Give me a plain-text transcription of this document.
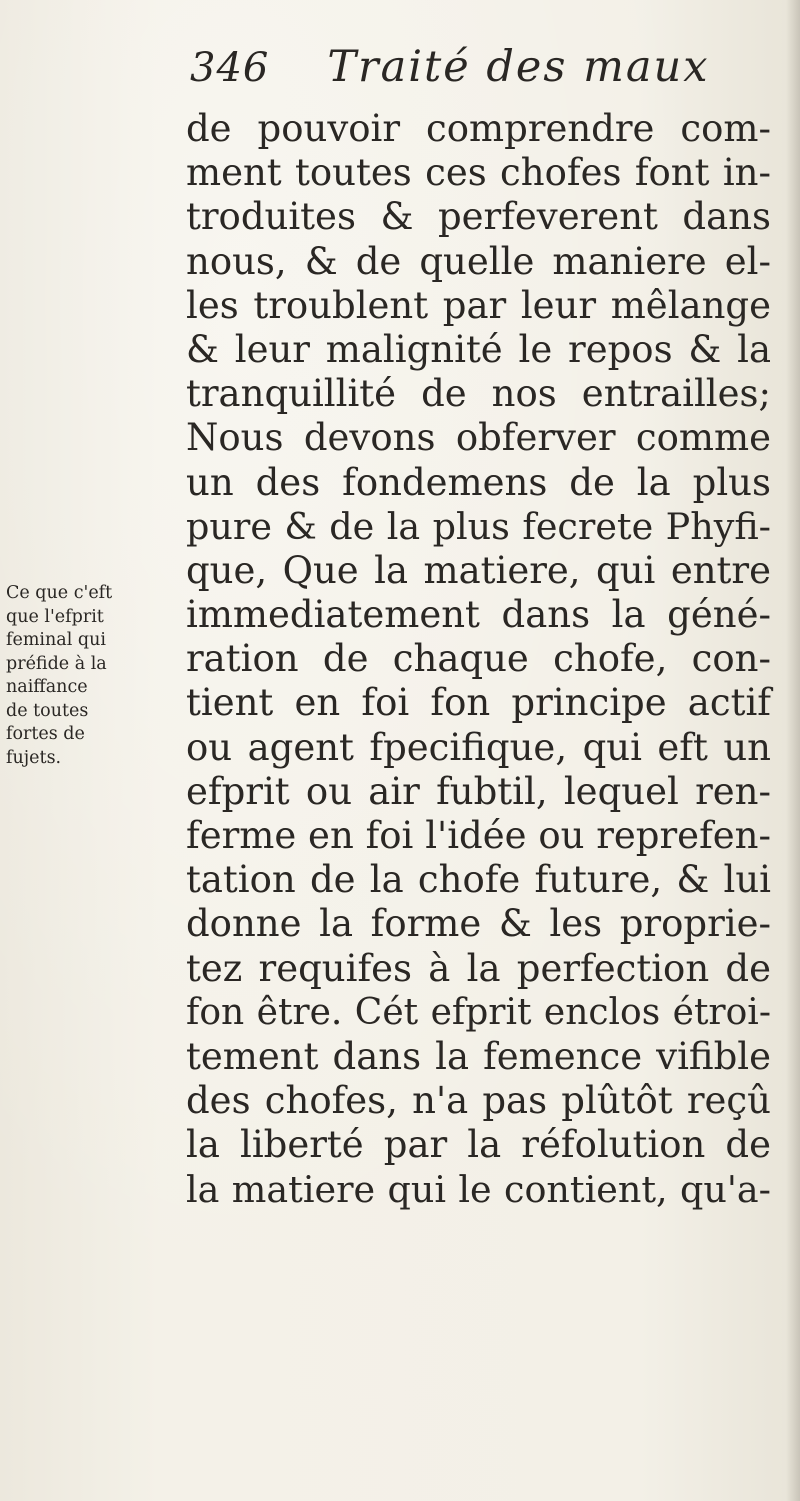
346 Traité des maux
Ce que c'eft
que l'efprit
feminal qui
préfide à la
naiffance
de toutes
fortes de
fujets.
de pouvoir comprendre com-
ment toutes ces chofes font in-
troduites & perfeverent dans
nous, & de quelle maniere el-
les troublent par leur mêlange
& leur malignité le repos & la
tranquillité de nos entrailles;
Nous devons obferver comme
un des fondemens de la plus
pure & de la plus fecrete Phyfi-
que, Que la matiere, qui entre
immediatement dans la géné-
ration de chaque chofe, con-
tient en foi fon principe actif
ou agent fpecifique, qui eft un
efprit ou air fubtil, lequel ren-
ferme en foi l'idée ou reprefen-
tation de la chofe future, & lui
donne la forme & les proprie-
tez requifes à la perfection de
fon être. Cét efprit enclos étroi-
tement dans la femence vifible
des chofes, n'a pas plûtôt reçû
la liberté par la réfolution de
la matiere qui le contient, qu'a-
